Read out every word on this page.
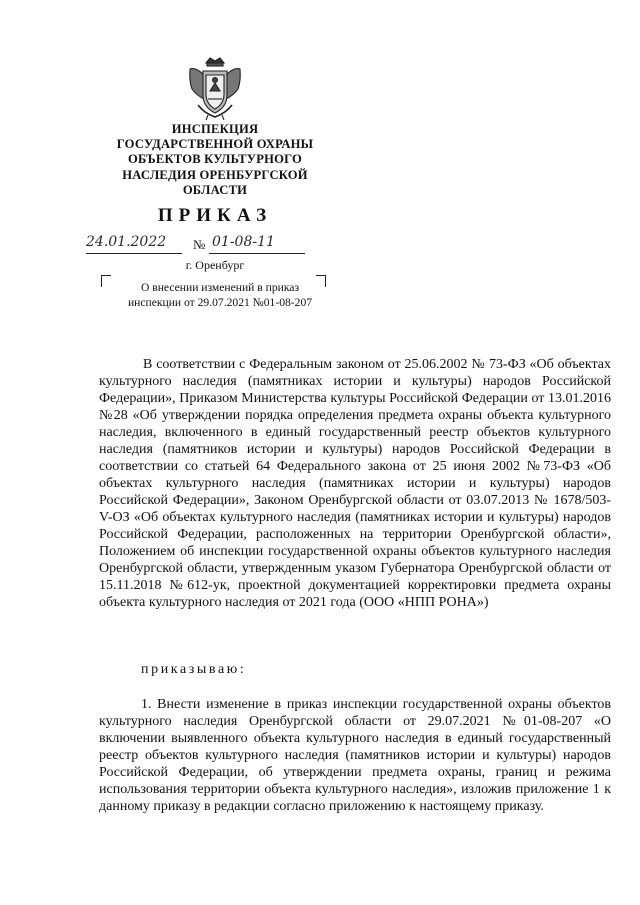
ИНСПЕКЦИЯ
ГОСУДАРСТВЕННОЙ ОХРАНЫ
ОБЪЕКТОВ КУЛЬТУРНОГО
НАСЛЕДИЯ ОРЕНБУРГСКОЙ
ОБЛАСТИ
ПРИКАЗ
24.01.2022	№ 01-08-11
г. Оренбург
О внесении изменений в приказ
инспекции от 29.07.2021 №01-08-207
В соответствии с Федеральным законом от 25.06.2002 № 73-ФЗ «Об объектах культурного наследия (памятниках истории и культуры) народов Российской Федерации», Приказом Министерства культуры Российской Федерации от 13.01.2016 №28 «Об утверждении порядка определения предмета охраны объекта культурного наследия, включенного в единый государственный реестр объектов культурного наследия (памятников истории и культуры) народов Российской Федерации в соответствии со статьей 64 Федерального закона от 25 июня 2002 №73-ФЗ «Об объектах культурного наследия (памятниках истории и культуры) народов Российской Федерации», Законом Оренбургской области от 03.07.2013 № 1678/503-V-ОЗ «Об объектах культурного наследия (памятниках истории и культуры) народов Российской Федерации, расположенных на территории Оренбургской области», Положением об инспекции государственной охраны объектов культурного наследия Оренбургской области, утвержденным указом Губернатора Оренбургской области от 15.11.2018 №612-ук, проектной документацией корректировки предмета охраны объекта культурного наследия от 2021 года (ООО «НПП РОНА»)
приказываю:
1. Внести изменение в приказ инспекции государственной охраны объектов культурного наследия Оренбургской области от 29.07.2021 №01-08-207 «О включении выявленного объекта культурного наследия в единый государственный реестр объектов культурного наследия (памятников истории и культуры) народов Российской Федерации, об утверждении предмета охраны, границ и режима использования территории объекта культурного наследия», изложив приложение 1 к данному приказу в редакции согласно приложению к настоящему приказу.
